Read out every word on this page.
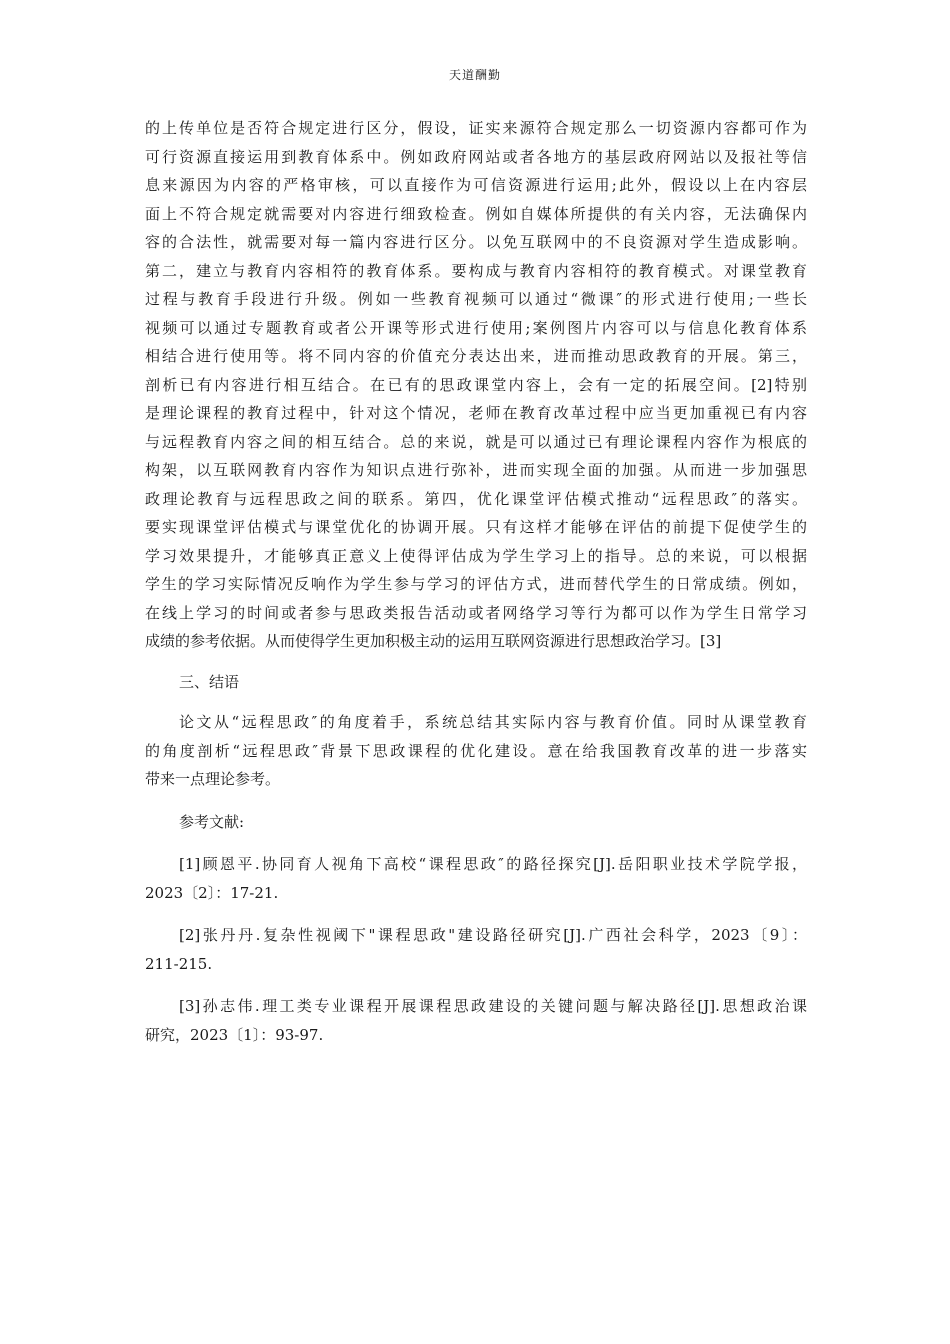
天道酬勤
的上传单位是否符合规定进行区分，假设，证实来源符合规定那么一切资源内容都可作为
可行资源直接运用到教育体系中。例如政府网站或者各地方的基层政府网站以及报社等信
息来源因为内容的严格审核，可以直接作为可信资源进行运用;此外，假设以上在内容层
面上不符合规定就需要对内容进行细致检查。例如自媒体所提供的有关内容，无法确保内
容的合法性，就需要对每一篇内容进行区分。以免互联网中的不良资源对学生造成影响。
第二，建立与教育内容相符的教育体系。要构成与教育内容相符的教育模式。对课堂教育
过程与教育手段进行升级。例如一些教育视频可以通过“微课″的形式进行使用;一些长
视频可以通过专题教育或者公开课等形式进行使用;案例图片内容可以与信息化教育体系
相结合进行使用等。将不同内容的价值充分表达出来，进而推动思政教育的开展。第三，
剖析已有内容进行相互结合。在已有的思政课堂内容上，会有一定的拓展空间。[2]特别
是理论课程的教育过程中，针对这个情况，老师在教育改革过程中应当更加重视已有内容
与远程教育内容之间的相互结合。总的来说，就是可以通过已有理论课程内容作为根底的
构架，以互联网教育内容作为知识点进行弥补，进而实现全面的加强。从而进一步加强思
政理论教育与远程思政之间的联系。第四，优化课堂评估模式推动“远程思政″的落实。
要实现课堂评估模式与课堂优化的协调开展。只有这样才能够在评估的前提下促使学生的
学习效果提升，才能够真正意义上使得评估成为学生学习上的指导。总的来说，可以根据
学生的学习实际情况反响作为学生参与学习的评估方式，进而替代学生的日常成绩。例如，
在线上学习的时间或者参与思政类报告活动或者网络学习等行为都可以作为学生日常学习
成绩的参考依据。从而使得学生更加积极主动的运用互联网资源进行思想政治学习。[3]
三、结语
论文从“远程思政″的角度着手，系统总结其实际内容与教育价值。同时从课堂教育
的角度剖析“远程思政″背景下思政课程的优化建设。意在给我国教育改革的进一步落实
带来一点理论参考。
参考文献:
[1]顾恩平.协同育人视角下高校“课程思政″的路径探究[J].岳阳职业技术学院学报，
2023〔2〕：17-21.
[2]张丹丹.复杂性视阈下"课程思政"建设路径研究[J].广西社会科学，2023〔9〕：
211-215.
[3]孙志伟.理工类专业课程开展课程思政建设的关键问题与解决路径[J].思想政治课
研究，2023〔1〕：93-97.
